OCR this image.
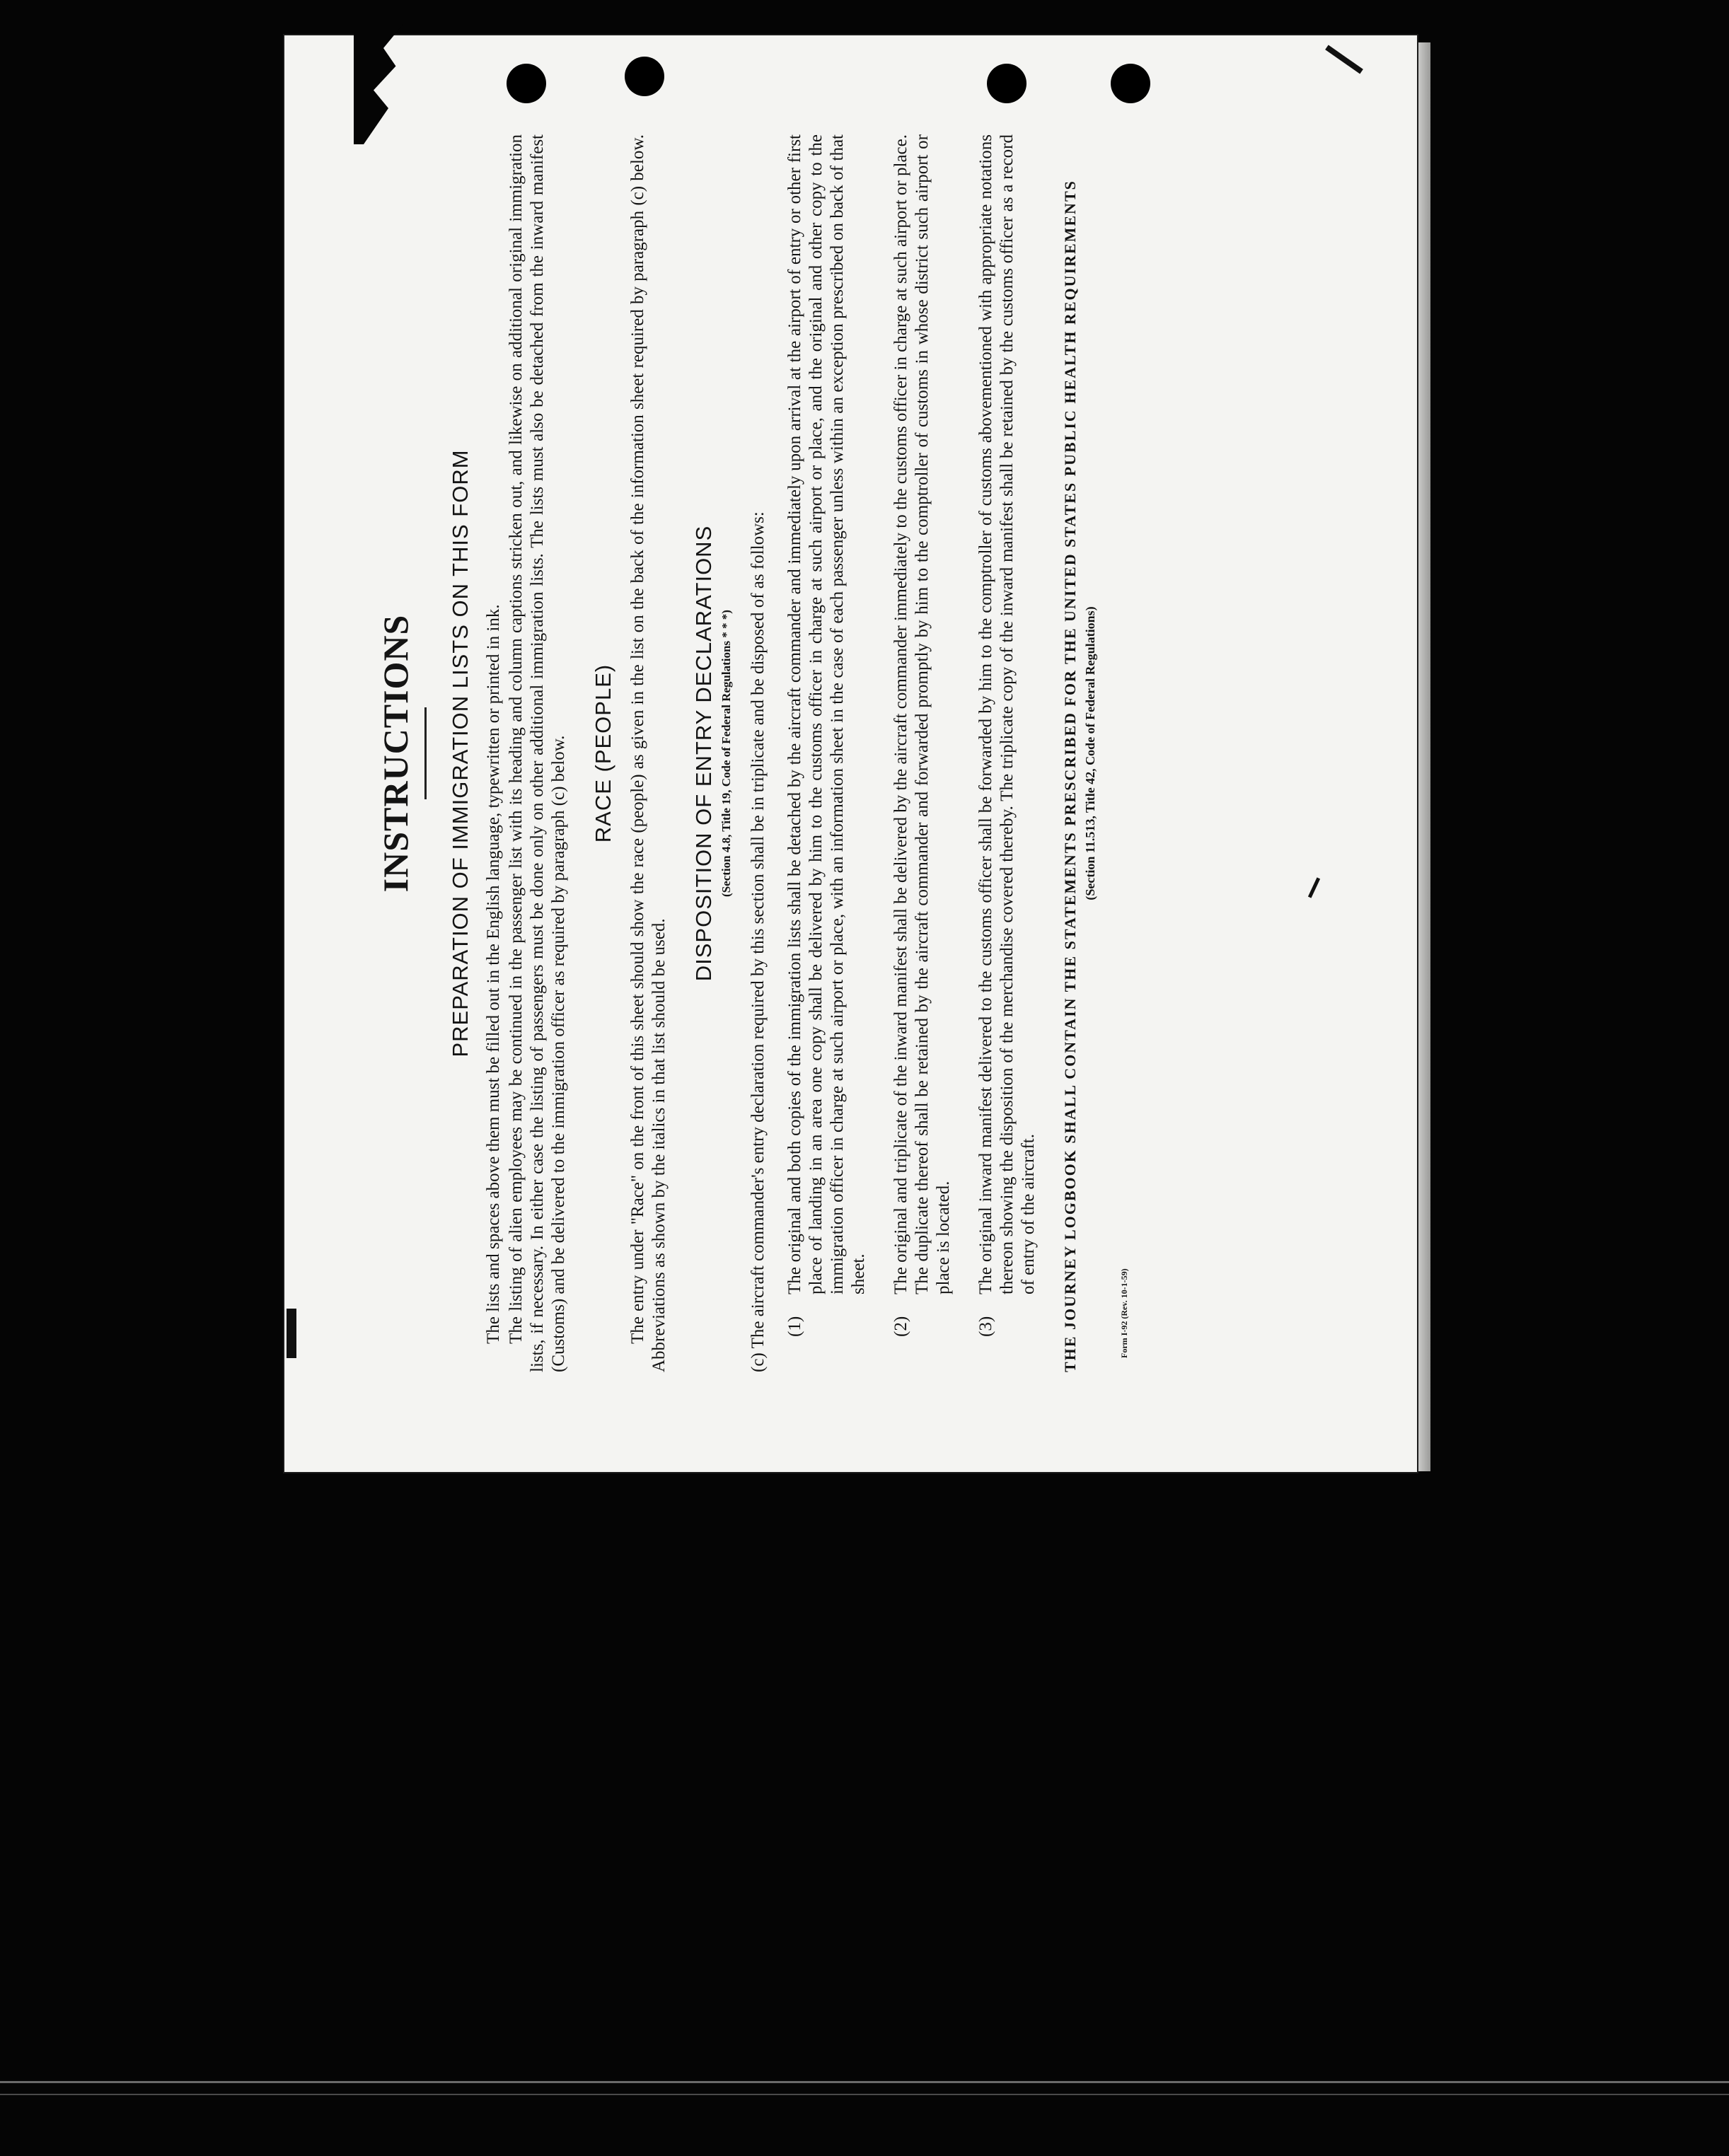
INSTRUCTIONS PREPARATION OF IMMIGRATION LISTS ON THIS FORM The lists and spaces above them must be filled out in the English language, typewritten or printed in ink. The listing of alien employees may be continued in the passenger list with its heading and column captions stricken out, and likewise on additional original immigration lists, if necessary. In either case the listing of passengers must be done only on other additional immigration lists. The lists must also be detached from the inward manifest (Customs) and be delivered to the immigration officer as required by paragraph (c) below. RACE (PEOPLE) The entry under "Race" on the front of this sheet should show the race (people) as given in the list on the back of the information sheet required by paragraph (c) below. Abbreviations as shown by the italics in that list should be used.

DISPOSITION OF ENTRY DECLARATIONS (Section 4.8, Title 19, Code of Federal Regulations * * *) (c) The aircraft commander's entry declaration required by this section shall be in triplicate and be disposed of as follows: (1)
The original and both copies of the immigration lists shall be detached by the aircraft commander and immediately upon arrival at the airport of entry or other first place of landing in an area one copy shall be delivered by him to the customs officer in charge at such airport or place, and the original and other copy to the immigration officer in charge at such airport or place, with an information sheet in the case of each passenger unless within an exception prescribed on back of that sheet.
(2)
The original and triplicate of the inward manifest shall be delivered by the aircraft commander immediately to the customs officer in charge at such airport or place. The duplicate thereof shall be retained by the aircraft commander and forwarded promptly by him to the comptroller of customs in whose district such airport or place is located.
(3)
The original inward manifest delivered to the customs officer shall be forwarded by him to the comptroller of customs abovementioned with appropriate notations thereon showing the disposition of the merchandise covered thereby. The triplicate copy of the inward manifest shall be retained by the customs officer as a record of entry of the aircraft. THE JOURNEY LOGBOOK SHALL CONTAIN THE STATEMENTS PRESCRIBED FOR THE UNITED STATES PUBLIC HEALTH REQUIREMENTS (Section 11.513, Title 42, Code of Federal Regulations)
Form I-92 (Rev. 10-1-59)
